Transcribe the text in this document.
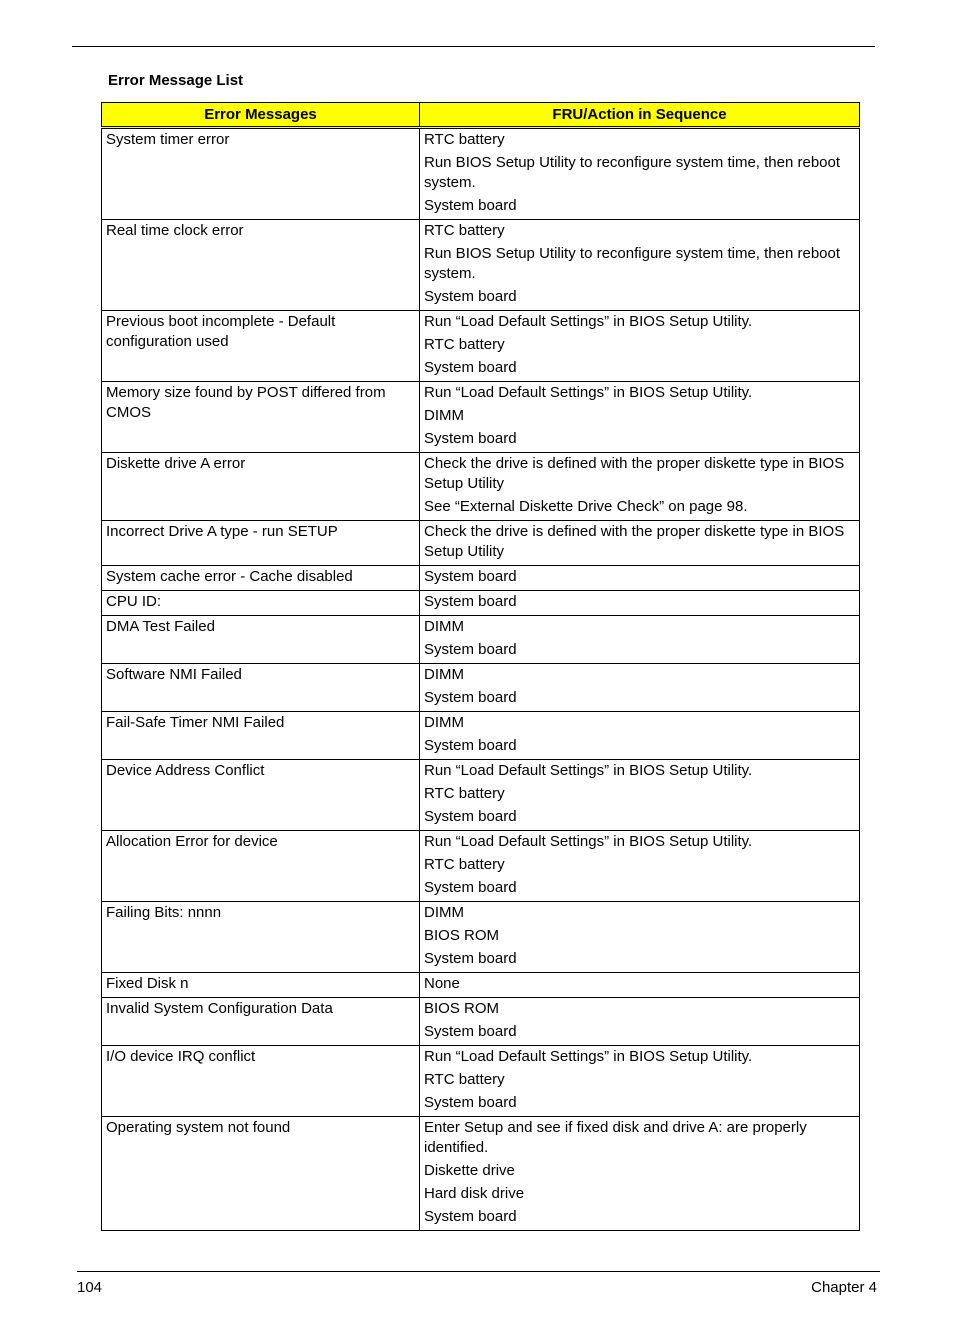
Error Message List
Error Messages	FRU/Action in Sequence
System timer error	RTC battery
Run BIOS Setup Utility to reconfigure system time, then reboot system.
System board

Real time clock error	RTC battery
Run BIOS Setup Utility to reconfigure system time, then reboot system.
System board

Previous boot incomplete - Default configuration used	Run “Load Default Settings” in BIOS Setup Utility.
RTC battery
System board

Memory size found by POST differed from CMOS	Run “Load Default Settings” in BIOS Setup Utility.
DIMM
System board

Diskette drive A error	Check the drive is defined with the proper diskette type in BIOS Setup Utility
See “External Diskette Drive Check” on page 98.

Incorrect Drive A type - run SETUP	Check the drive is defined with the proper diskette type in BIOS Setup Utility

System cache error - Cache disabled	System board

CPU ID:	System board

DMA Test Failed	DIMM
System board

Software NMI Failed	DIMM
System board

Fail-Safe Timer NMI Failed	DIMM
System board

Device Address Conflict	Run “Load Default Settings” in BIOS Setup Utility.
RTC battery
System board

Allocation Error for device	Run “Load Default Settings” in BIOS Setup Utility.
RTC battery
System board

Failing Bits: nnnn	DIMM
BIOS ROM
System board

Fixed Disk n	None

Invalid System Configuration Data	BIOS ROM
System board

I/O device IRQ conflict	Run “Load Default Settings” in BIOS Setup Utility.
RTC battery
System board

Operating system not found	Enter Setup and see if fixed disk and drive A: are properly identified.
Diskette drive
Hard disk drive
System board
104	Chapter 4
